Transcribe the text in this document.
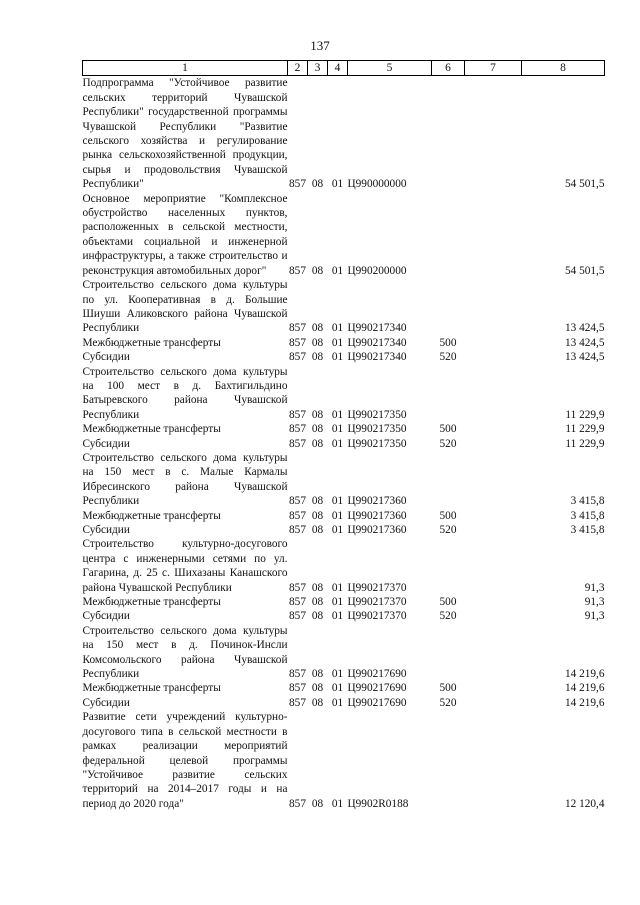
137
1	2	3	4	5	6	7	8
Подпрограмма "Устойчивое развитие сельских территорий Чувашской Республики" государственной программы Чувашской Республики "Развитие сельского хозяйства и регулирование рынка сельскохозяйственной продукции, сырья и продовольствия Чувашской Республики"	857	08	01	Ц990000000			54 501,5
Основное мероприятие "Комплексное обустройство населенных пунктов, расположенных в сельской местности, объектами социальной и инженерной инфраструктуры, а также строительство и реконструкция автомобильных дорог"	857	08	01	Ц990200000			54 501,5
Строительство сельского дома культуры по ул. Кооперативная в д. Большие Шиуши Аликовского района Чувашской Республики	857	08	01	Ц990217340			13 424,5
Межбюджетные трансферты	857	08	01	Ц990217340	500		13 424,5
Субсидии	857	08	01	Ц990217340	520		13 424,5
Строительство сельского дома культуры на 100 мест в д. Бахтигильдино Батыревского района Чувашской Республики	857	08	01	Ц990217350			11 229,9
Межбюджетные трансферты	857	08	01	Ц990217350	500		11 229,9
Субсидии	857	08	01	Ц990217350	520		11 229,9
Строительство сельского дома культуры на 150 мест в с. Малые Кармалы Ибресинского района Чувашской Республики	857	08	01	Ц990217360			3 415,8
Межбюджетные трансферты	857	08	01	Ц990217360	500		3 415,8
Субсидии	857	08	01	Ц990217360	520		3 415,8
Строительство культурно-досугового центра с инженерными сетями по ул. Гагарина, д. 25 с. Шихазаны Канашского района Чувашской Республики	857	08	01	Ц990217370			91,3
Межбюджетные трансферты	857	08	01	Ц990217370	500		91,3
Субсидии	857	08	01	Ц990217370	520		91,3
Строительство сельского дома культуры на 150 мест в д. Починок-Инсли Комсомольского района Чувашской Республики	857	08	01	Ц990217690			14 219,6
Межбюджетные трансферты	857	08	01	Ц990217690	500		14 219,6
Субсидии	857	08	01	Ц990217690	520		14 219,6
Развитие сети учреждений культурно-досугового типа в сельской местности в рамках реализации мероприятий федеральной целевой программы "Устойчивое развитие сельских территорий на 2014–2017 годы и на период до 2020 года"	857	08	01	Ц9902R0188			12 120,4
